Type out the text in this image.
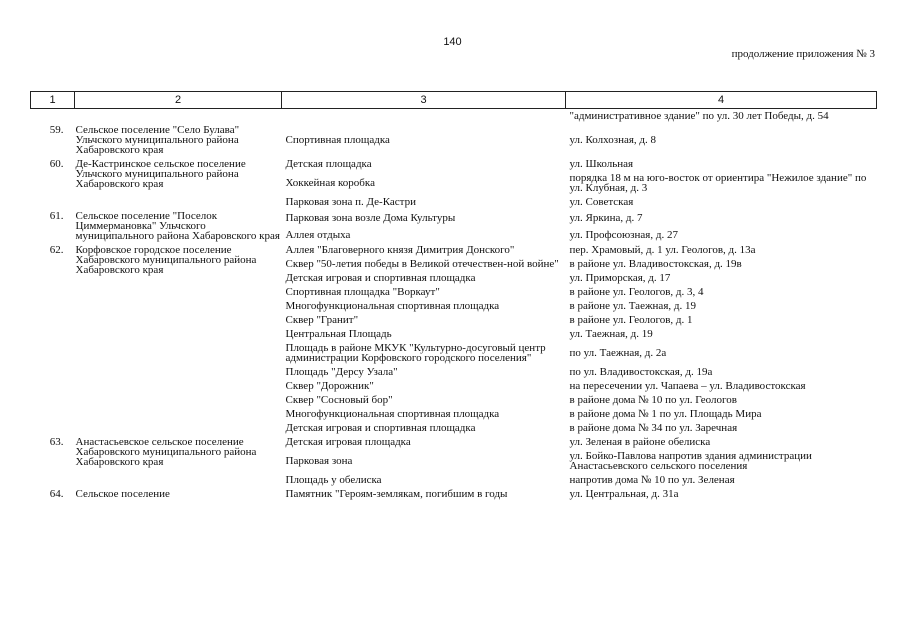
140
продолжение приложения № 3
1	2	3	4
			"административное здание" по ул. 30 лет Победы, д. 54
59.	Сельское поселение "Село Булава" Ульчского муниципального района Хабаровского края	Спортивная площадка	ул. Колхозная, д. 8
60.	Де-Кастринское сельское поселение Ульчского муниципального района Хабаровского края	Детская площадка	ул. Школьная
		Хоккейная коробка	порядка 18 м на юго-восток от ориентира "Нежилое здание" по ул. Клубная, д. 3
		Парковая зона п. Де-Кастри	ул. Советская
61.	Сельское поселение "Поселок Циммермановка" Ульчского муниципального района Хабаровского края	Парковая зона возле Дома Культуры	ул. Яркина, д. 7
		Аллея отдыха	ул. Профсоюзная, д. 27
62.	Корфовское городское поселение Хабаровского муниципального района Хабаровского края	Аллея "Благоверного князя Димитрия Донского"	пер. Храмовый, д. 1 ул. Геологов, д. 13а
		Сквер "50-летия победы в Великой отечествен-ной войне"	в районе ул. Владивостокская, д. 19в
		Детская игровая и спортивная площадка	ул. Приморская, д. 17
		Спортивная площадка "Воркаут"	в районе ул. Геологов, д. 3, 4
		Многофункциональная спортивная площадка	в районе ул. Таежная, д. 19
		Сквер "Гранит"	в районе ул. Геологов, д. 1
		Центральная Площадь	ул. Таежная, д. 19
		Площадь в районе МКУК "Культурно-досуговый центр администрации Корфовского городского поселения"	по ул. Таежная, д. 2а
		Площадь "Дерсу Узала"	по ул. Владивостокская, д. 19а
		Сквер "Дорожник"	на пересечении ул. Чапаева – ул. Владивостокская
		Сквер "Сосновый бор"	в районе дома № 10 по ул. Геологов
		Многофункциональная спортивная площадка	в районе дома № 1 по ул. Площадь Мира
		Детская игровая и спортивная площадка	в районе дома № 34 по ул. Заречная
63.	Анастасьевское сельское поселение Хабаровского муниципального района Хабаровского края	Детская игровая площадка	ул. Зеленая в районе обелиска
		Парковая зона	ул. Бойко-Павлова напротив здания администрации Анастасьевского сельского поселения
		Площадь у обелиска	напротив дома № 10 по ул. Зеленая
64.	Сельское поселение	Памятник "Героям-землякам, погибшим в годы	ул. Центральная, д. 31а
